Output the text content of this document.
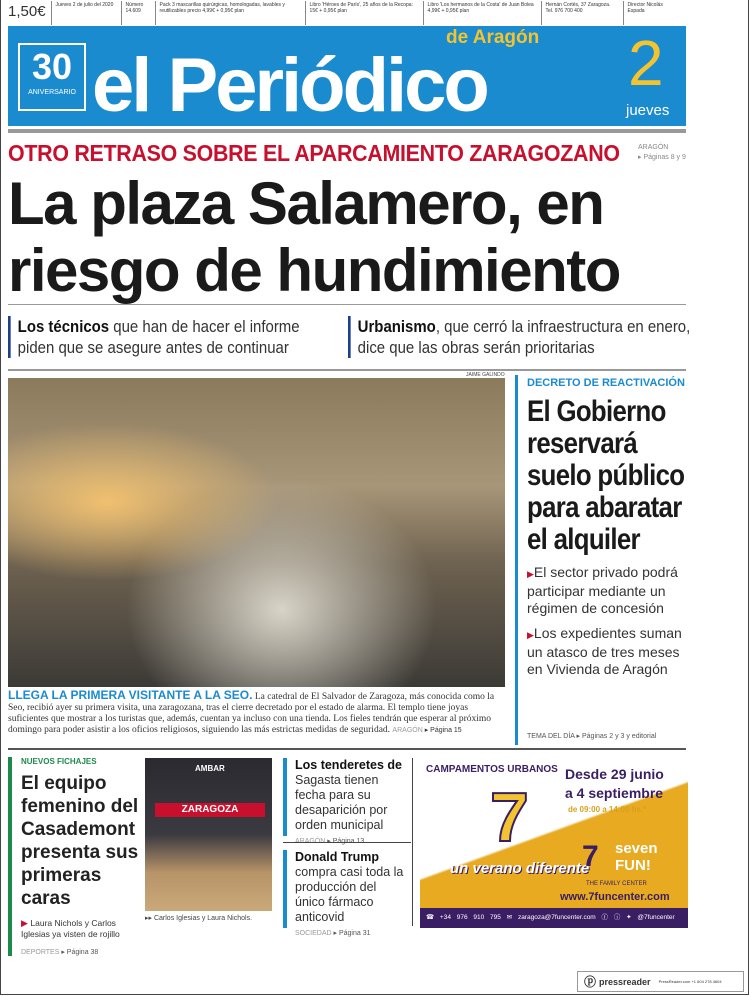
1,50€	Jueves 2 de julio del 2020	Número 14.609
Pack 3 mascarillas quirúrgicas, homologadas, lavables y reutilizables precio 4,99€ + 0,95€ plan
Libro 'Héroes de París', 25 años de la Recopa: 15€ + 0,95€ plan
Libro 'Los hermanos de la Costa' de Juan Bolea 4,99€ + 0,95€ plan
Hernán Cortés, 37 Zaragoza. Tel. 976 700 400
Director Nicolás Espada
30
ANIVERSARIO el Periódico
de Aragón 2
jueves
OTRO RETRASO SOBRE EL APARCAMIENTO ZARAGOZANO	ARAGÓN
▸ Páginas 8 y 9
La plaza Salamero, en
riesgo de hundimiento
Los técnicos que han de hacer el informe piden que se asegure antes de continuar
Urbanismo, que cerró la infraestructura en enero, dice que las obras serán prioritarias
JAIME GALINDO
LLEGA LA PRIMERA VISITANTE A LA SEO. La catedral de El Salvador de Zaragoza, más conocida como la Seo, recibió ayer su primera visita, una zaragozana, tras el cierre decretado por el estado de alarma. El templo tiene joyas suficientes que mostrar a los turistas que, además, cuentan ya incluso con una tienda. Los fieles tendrán que esperar al próximo domingo para poder asistir a los oficios religiosos, siguiendo las más estrictas medidas de seguridad. ARAGÓN ▸ Página 15
DECRETO DE REACTIVACIÓN
El Gobierno reservará suelo público para abaratar el alquiler
▶El sector privado podrá participar mediante un régimen de concesión
▶Los expedientes suman un atasco de tres meses en Vivienda de Aragón
TEMA DEL DÍA ▸ Páginas 2 y 3 y editorial
NUEVOS FICHAJES
El equipo femenino del Casademont presenta sus primeras caras
▶ Laura Nichols y Carlos Iglesias ya visten de rojillo
DEPORTES ▸ Página 38
AMBAR
ZARAGOZA
▸▸ Carlos Iglesias y Laura Nichols.
Los tenderetes de Sagasta tienen fecha para su desaparición por orden municipal
Donald Trump compra casi toda la producción del único fármaco anticovid
SOCIEDAD ▸ Página 31
CAMPAMENTOS URBANOS
7
un verano diferente
Desde 29 junio
a 4 septiembre
de 09:00 a 14:00 hs.*
7 seven FUN!
THE FAMILY CENTER
www.7funcenter.com
☎ +34 976 910 795 ✉ zaragoza@7funcenter.com ⓕ ⓘ ✦ @7funcenter
ⓟ pressreader PressReader.com +1 604 278 4604
